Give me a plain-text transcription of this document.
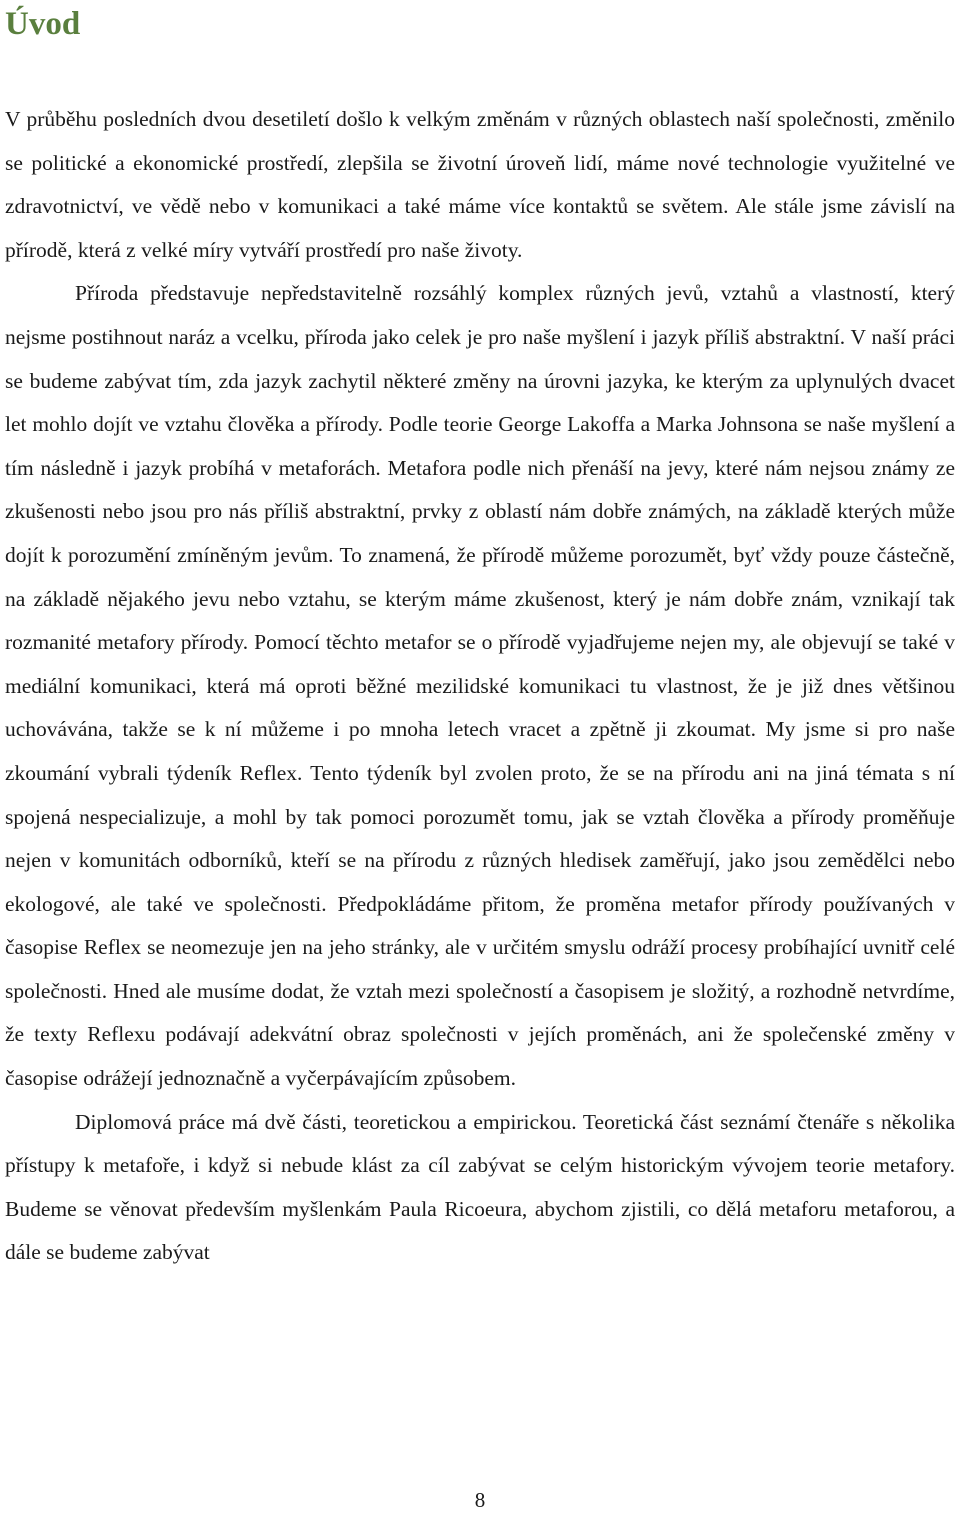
Úvod

V průběhu posledních dvou desetiletí došlo k velkým změnám v různých oblastech naší společnosti, změnilo se politické a ekonomické prostředí, zlepšila se životní úroveň lidí, máme nové technologie využitelné ve zdravotnictví, ve vědě nebo v komunikaci a také máme více kontaktů se světem. Ale stále jsme závislí na přírodě, která z velké míry vytváří prostředí pro naše životy.

Příroda představuje nepředstavitelně rozsáhlý komplex různých jevů, vztahů a vlastností, který nejsme postihnout naráz a vcelku, příroda jako celek je pro naše myšlení i jazyk příliš abstraktní. V naší práci se budeme zabývat tím, zda jazyk zachytil některé změny na úrovni jazyka, ke kterým za uplynulých dvacet let mohlo dojít ve vztahu člověka a přírody. Podle teorie George Lakoffa a Marka Johnsona se naše myšlení a tím následně i jazyk probíhá v metaforách. Metafora podle nich přenáší na jevy, které nám nejsou známy ze zkušenosti nebo jsou pro nás příliš abstraktní, prvky z oblastí nám dobře známých, na základě kterých může dojít k porozumění zmíněným jevům. To znamená, že přírodě můžeme porozumět, byť vždy pouze částečně, na základě nějakého jevu nebo vztahu, se kterým máme zkušenost, který je nám dobře znám, vznikají tak rozmanité metafory přírody. Pomocí těchto metafor se o přírodě vyjadřujeme nejen my, ale objevují se také v mediální komunikaci, která má oproti běžné mezilidské komunikaci tu vlastnost, že je již dnes většinou uchovávána, takže se k ní můžeme i po mnoha letech vracet a zpětně ji zkoumat. My jsme si pro naše zkoumání vybrali týdeník Reflex. Tento týdeník byl zvolen proto, že se na přírodu ani na jiná témata s ní spojená nespecializuje, a mohl by tak pomoci porozumět tomu, jak se vztah člověka a přírody proměňuje nejen v komunitách odborníků, kteří se na přírodu z různých hledisek zaměřují, jako jsou zemědělci nebo ekologové, ale také ve společnosti. Předpokládáme přitom, že proměna metafor přírody používaných v časopise Reflex se neomezuje jen na jeho stránky, ale v určitém smyslu odráží procesy probíhající uvnitř celé společnosti. Hned ale musíme dodat, že vztah mezi společností a časopisem je složitý, a rozhodně netvrdíme, že texty Reflexu podávají adekvátní obraz společnosti v jejích proměnách, ani že společenské změny v časopise odrážejí jednoznačně a vyčerpávajícím způsobem.

Diplomová práce má dvě části, teoretickou a empirickou. Teoretická část seznámí čtenáře s několika přístupy k metafoře, i když si nebude klást za cíl zabývat se celým historickým vývojem teorie metafory. Budeme se věnovat především myšlenkám Paula Ricoeura, abychom zjistili, co dělá metaforu metaforou, a dále se budeme zabývat

8
